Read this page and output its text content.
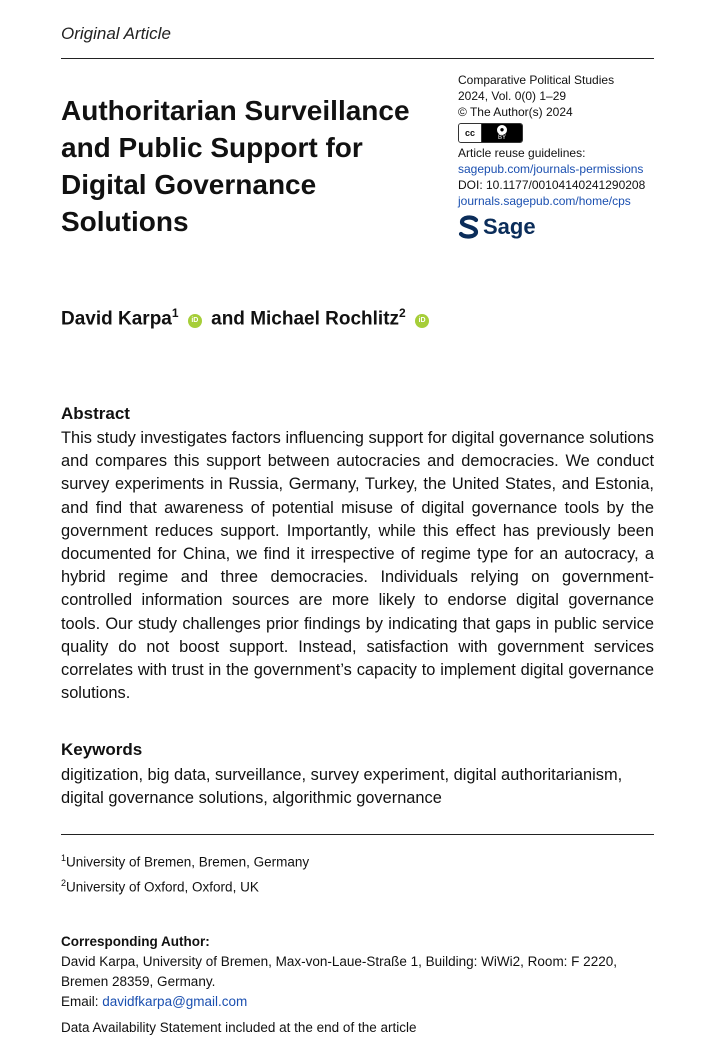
Original Article
Authoritarian Surveillance and Public Support for Digital Governance Solutions
Comparative Political Studies
2024, Vol. 0(0) 1–29
© The Author(s) 2024
cc	●
BY
Article reuse guidelines:
sagepub.com/journals-permissions
DOI: 10.1177/00104140241290208
journals.sagepub.com/home/cps
Sage
David Karpa$^1$ iD and Michael Rochlitz$^2$ iD
Abstract

This study investigates factors influencing support for digital governance solutions and compares this support between autocracies and democracies. We conduct survey experiments in Russia, Germany, Turkey, the United States, and Estonia, and find that awareness of potential misuse of digital governance tools by the government reduces support. Importantly, while this effect has previously been documented for China, we find it irrespective of regime type for an autocracy, a hybrid regime and three democracies. Individuals relying on government-controlled information sources are more likely to endorse digital governance tools. Our study challenges prior findings by indicating that gaps in public service quality do not boost support. Instead, satisfaction with government services correlates with trust in the government’s capacity to implement digital governance solutions.

Keywords

digitization, big data, surveillance, survey experiment, digital authoritarianism, digital governance solutions, algorithmic governance

$^1$University of Bremen, Bremen, Germany
$^2$University of Oxford, Oxford, UK
Corresponding Author:
David Karpa, University of Bremen, Max-von-Laue-Straße 1, Building: WiWi2, Room: F 2220,
Bremen 28359, Germany.
Email: davidfkarpa@gmail.com
Data Availability Statement included at the end of the article
